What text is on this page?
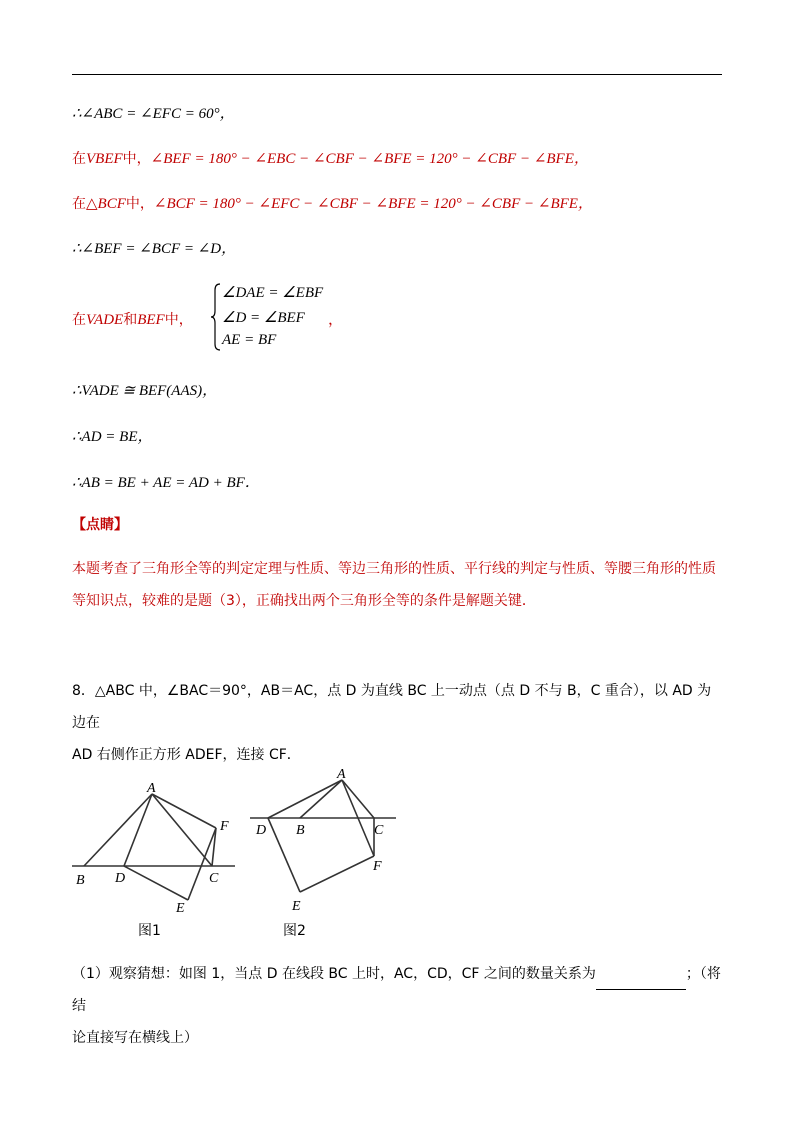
∴∠ABC = ∠EFC = 60°，
在VBEF中，∠BEF = 180° − ∠EBC − ∠CBF − ∠BFE = 120° − ∠CBF − ∠BFE，
在△BCF中，∠BCF = 180° − ∠EFC − ∠CBF − ∠BFE = 120° − ∠CBF − ∠BFE，
∴∠BEF = ∠BCF = ∠D，
在VADE和BEF中，
∠DAE = ∠EBF
∠D = ∠BEF ，
AE = BF
∴VADE ≅ BEF(AAS)，
∴AD = BE，
∴AB = BE + AE = AD + BF．
【点睛】
本题考查了三角形全等的判定定理与性质、等边三角形的性质、平行线的判定与性质、等腰三角形的性质
等知识点，较难的是题（3），正确找出两个三角形全等的条件是解题关键．
8．△ABC 中，∠BAC＝90°，AB＝AC，点 D 为直线 BC 上一动点（点 D 不与 B，C 重合），以 AD 为边在
AD 右侧作正方形 ADEF，连接 CF．
A
B D	C
F
E
图1
A
D B	C
F
E
图2
（1）观察猜想：如图 1，当点 D 在线段 BC 上时，AC，CD，CF 之间的数量关系为	；（将结
论直接写在横线上）
